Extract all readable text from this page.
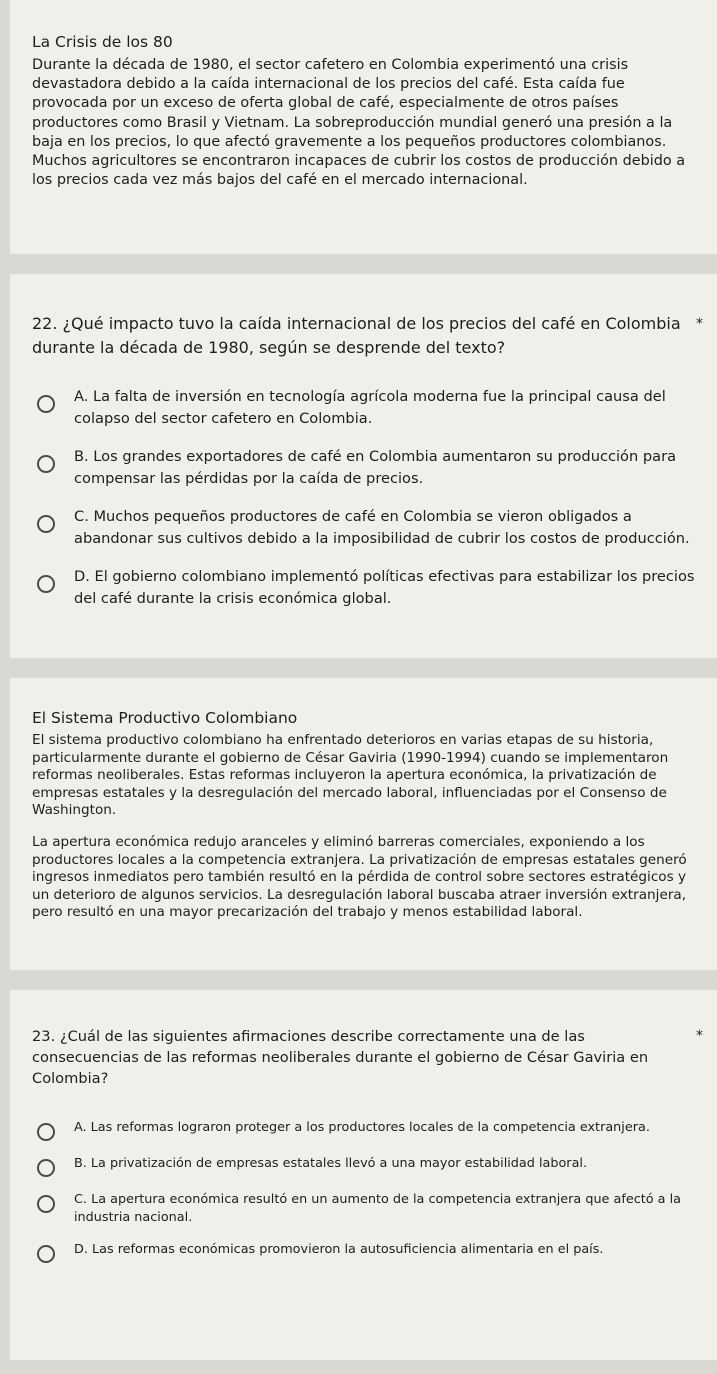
La Crisis de los 80

Durante la década de 1980, el sector cafetero en Colombia experimentó una crisis devastadora debido a la caída internacional de los precios del café. Esta caída fue provocada por un exceso de oferta global de café, especialmente de otros países productores como Brasil y Vietnam. La sobreproducción mundial generó una presión a la baja en los precios, lo que afectó gravemente a los pequeños productores colombianos. Muchos agricultores se encontraron incapaces de cubrir los costos de producción debido a los precios cada vez más bajos del café en el mercado internacional.

22. ¿Qué impacto tuvo la caída internacional de los precios del café en Colombia durante la década de 1980, según se desprende del texto?
*
A. La falta de inversión en tecnología agrícola moderna fue la principal causa del colapso del sector cafetero en Colombia.
B. Los grandes exportadores de café en Colombia aumentaron su producción para compensar las pérdidas por la caída de precios.
C. Muchos pequeños productores de café en Colombia se vieron obligados a abandonar sus cultivos debido a la imposibilidad de cubrir los costos de producción.
D. El gobierno colombiano implementó políticas efectivas para estabilizar los precios del café durante la crisis económica global.
El Sistema Productivo Colombiano

El sistema productivo colombiano ha enfrentado deterioros en varias etapas de su historia, particularmente durante el gobierno de César Gaviria (1990-1994) cuando se implementaron reformas neoliberales. Estas reformas incluyeron la apertura económica, la privatización de empresas estatales y la desregulación del mercado laboral, influenciadas por el Consenso de Washington.

La apertura económica redujo aranceles y eliminó barreras comerciales, exponiendo a los productores locales a la competencia extranjera. La privatización de empresas estatales generó ingresos inmediatos pero también resultó en la pérdida de control sobre sectores estratégicos y un deterioro de algunos servicios. La desregulación laboral buscaba atraer inversión extranjera, pero resultó en una mayor precarización del trabajo y menos estabilidad laboral.

23. ¿Cuál de las siguientes afirmaciones describe correctamente una de las consecuencias de las reformas neoliberales durante el gobierno de César Gaviria en Colombia?
*
A. Las reformas lograron proteger a los productores locales de la competencia extranjera.
B. La privatización de empresas estatales llevó a una mayor estabilidad laboral.
C. La apertura económica resultó en un aumento de la competencia extranjera que afectó a la industria nacional.
D. Las reformas económicas promovieron la autosuficiencia alimentaria en el país.
